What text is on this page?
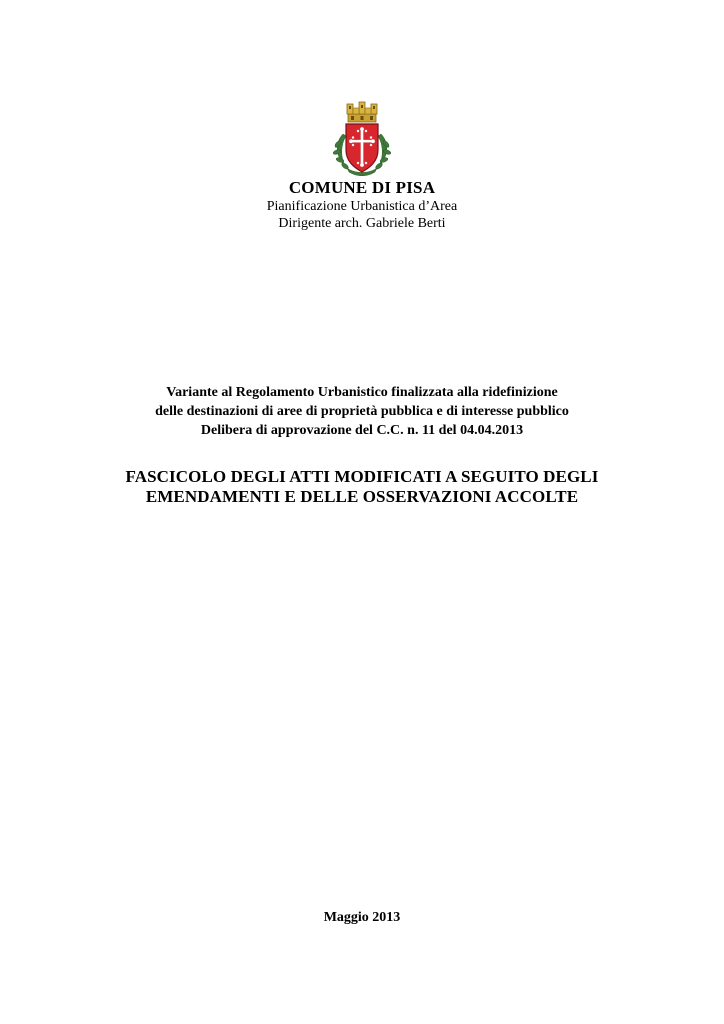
COMUNE DI PISA
Pianificazione Urbanistica d’Area
Dirigente arch. Gabriele Berti
Variante al Regolamento Urbanistico finalizzata alla ridefinizione
delle destinazioni di aree di proprietà pubblica e di interesse pubblico
Delibera di approvazione del C.C. n. 11 del 04.04.2013
FASCICOLO DEGLI ATTI MODIFICATI A SEGUITO DEGLI
EMENDAMENTI E DELLE OSSERVAZIONI ACCOLTE
Maggio 2013
